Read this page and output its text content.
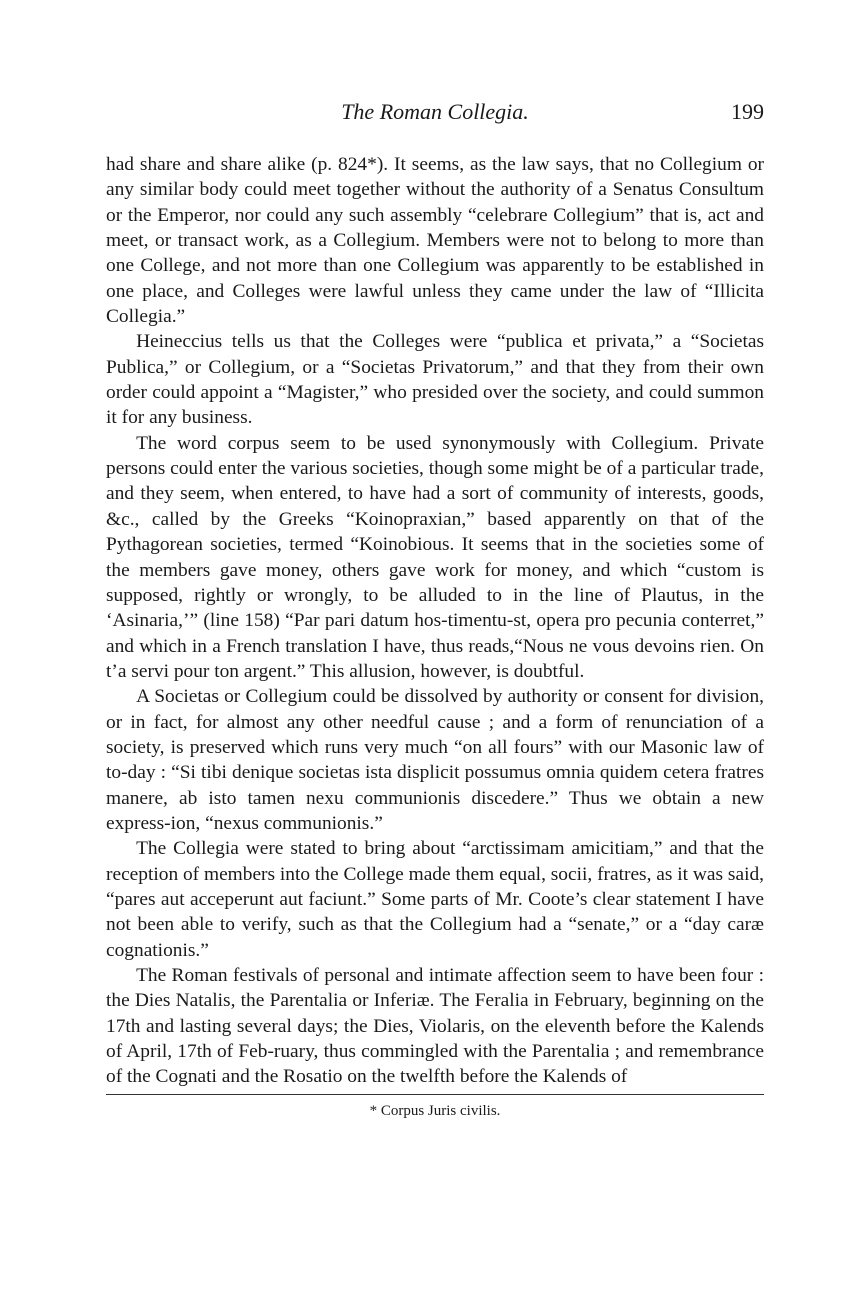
The Roman Collegia.	199

had share and share alike (p. 824*). It seems, as the law says, that no Collegium or any similar body could meet together without the authority of a Senatus Consultum or the Emperor, nor could any such assembly “celebrare Collegium” that is, act and meet, or transact work, as a Collegium. Members were not to belong to more than one College, and not more than one Collegium was apparently to be established in one place, and Colleges were lawful unless they came under the law of “Illicita Collegia.”

Heineccius tells us that the Colleges were “publica et privata,” a “Societas Publica,” or Collegium, or a “Societas Privatorum,” and that they from their own order could appoint a “Magister,” who presided over the society, and could summon it for any business.

The word corpus seem to be used synonymously with Collegium. Private persons could enter the various societies, though some might be of a particular trade, and they seem, when entered, to have had a sort of community of interests, goods, &c., called by the Greeks “Koinopraxian,” based apparently on that of the Pythagorean societies, termed “Koinobious. It seems that in the societies some of the members gave money, others gave work for money, and which “custom is supposed, rightly or wrongly, to be alluded to in the line of Plautus, in the ‘Asinaria,’” (line 158) “Par pari datum hos-timentu-st, opera pro pecunia conterret,” and which in a French translation I have, thus reads,“Nous ne vous devoins rien. On t’a servi pour ton argent.” This allusion, however, is doubtful.

A Societas or Collegium could be dissolved by authority or consent for division, or in fact, for almost any other needful cause ; and a form of renunciation of a society, is preserved which runs very much “on all fours” with our Masonic law of to-day : “Si tibi denique societas ista displicit possumus omnia quidem cetera fratres manere, ab isto tamen nexu communionis discedere.” Thus we obtain a new express-ion, “nexus communionis.”

The Collegia were stated to bring about “arctissimam amicitiam,” and that the reception of members into the College made them equal, socii, fratres, as it was said, “pares aut acceperunt aut faciunt.” Some parts of Mr. Coote’s clear statement I have not been able to verify, such as that the Collegium had a “senate,” or a “day caræ cognationis.”

The Roman festivals of personal and intimate affection seem to have been four : the Dies Natalis, the Parentalia or Inferiæ. The Feralia in February, beginning on the 17th and lasting several days; the Dies, Violaris, on the eleventh before the Kalends of April, 17th of Feb-ruary, thus commingled with the Parentalia ; and remembrance of the Cognati and the Rosatio on the twelfth before the Kalends of

* Corpus Juris civilis.
